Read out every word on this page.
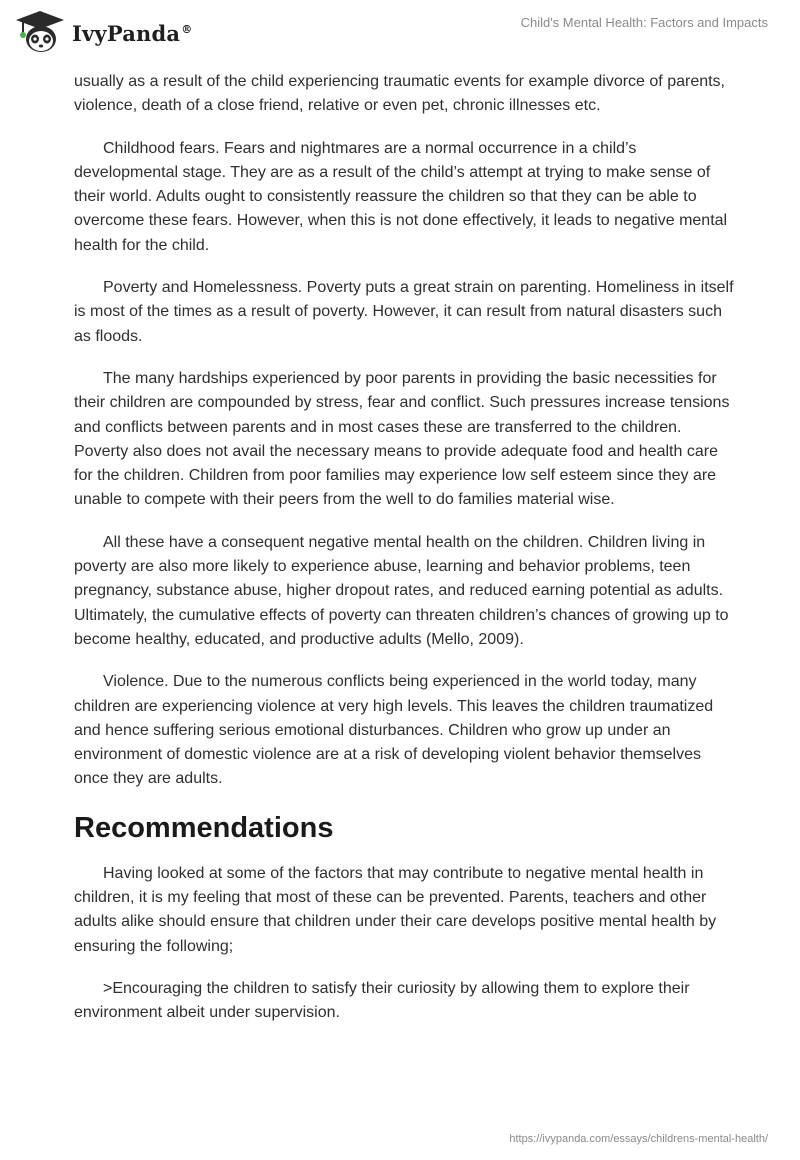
IvyPanda®	Child's Mental Health: Factors and Impacts

usually as a result of the child experiencing traumatic events for example divorce of parents, violence, death of a close friend, relative or even pet, chronic illnesses etc.

Childhood fears. Fears and nightmares are a normal occurrence in a child’s developmental stage. They are as a result of the child’s attempt at trying to make sense of their world. Adults ought to consistently reassure the children so that they can be able to overcome these fears. However, when this is not done effectively, it leads to negative mental health for the child.

Poverty and Homelessness. Poverty puts a great strain on parenting. Homeliness in itself is most of the times as a result of poverty. However, it can result from natural disasters such as floods.

The many hardships experienced by poor parents in providing the basic necessities for their children are compounded by stress, fear and conflict. Such pressures increase tensions and conflicts between parents and in most cases these are transferred to the children. Poverty also does not avail the necessary means to provide adequate food and health care for the children. Children from poor families may experience low self esteem since they are unable to compete with their peers from the well to do families material wise.

All these have a consequent negative mental health on the children. Children living in poverty are also more likely to experience abuse, learning and behavior problems, teen pregnancy, substance abuse, higher dropout rates, and reduced earning potential as adults. Ultimately, the cumulative effects of poverty can threaten children’s chances of growing up to become healthy, educated, and productive adults (Mello, 2009).

Violence. Due to the numerous conflicts being experienced in the world today, many children are experiencing violence at very high levels. This leaves the children traumatized and hence suffering serious emotional disturbances. Children who grow up under an environment of domestic violence are at a risk of developing violent behavior themselves once they are adults.

Recommendations

Having looked at some of the factors that may contribute to negative mental health in children, it is my feeling that most of these can be prevented. Parents, teachers and other adults alike should ensure that children under their care develops positive mental health by ensuring the following;

>Encouraging the children to satisfy their curiosity by allowing them to explore their environment albeit under supervision.

https://ivypanda.com/essays/childrens-mental-health/
